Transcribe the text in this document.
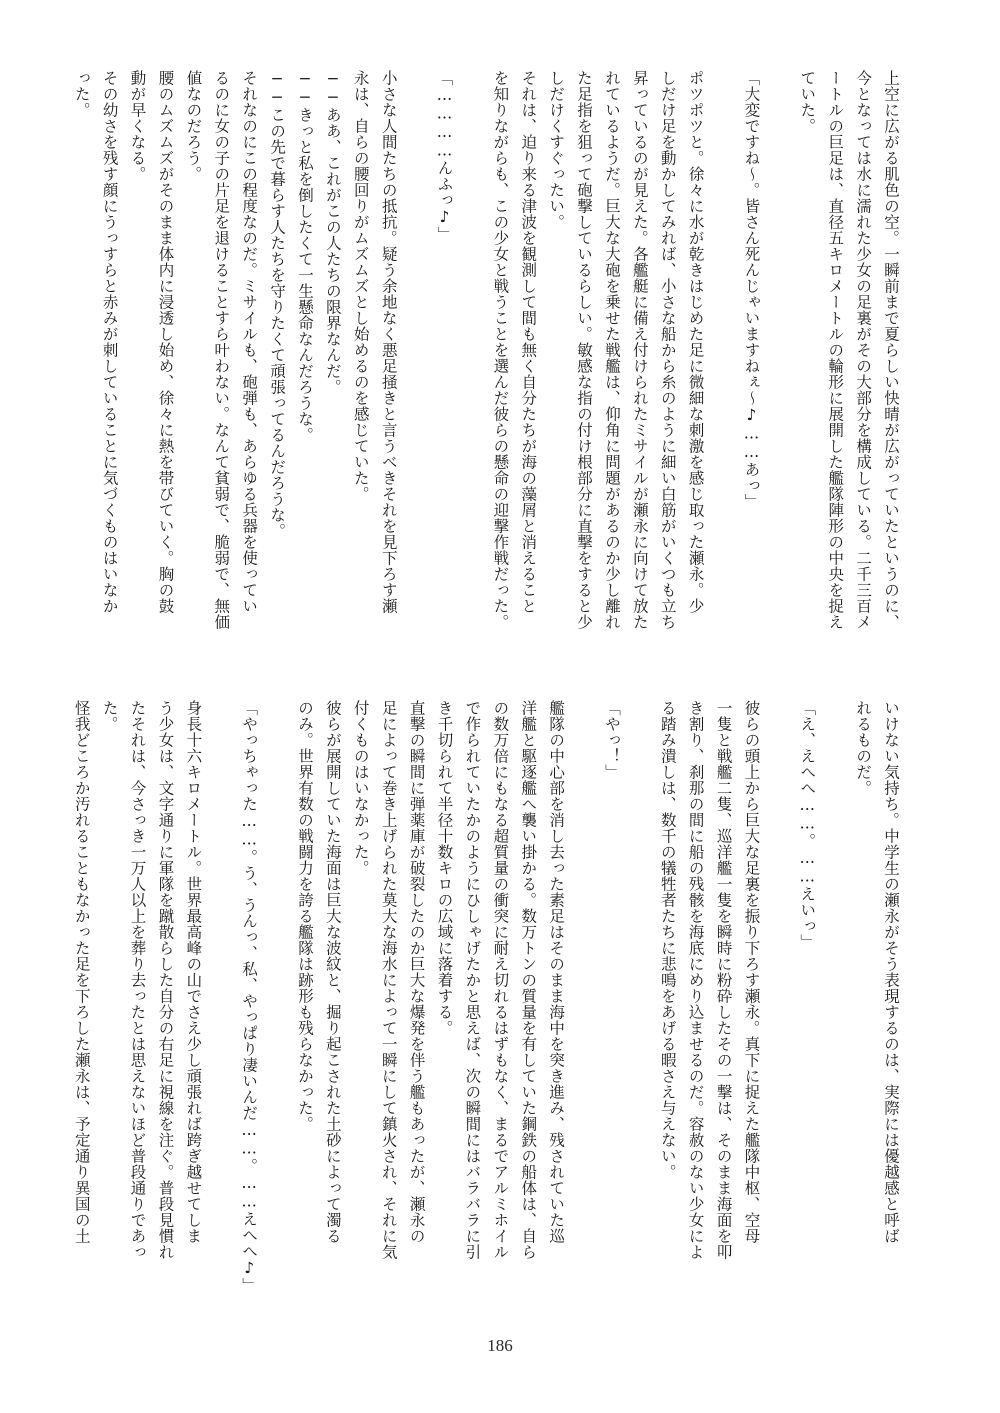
上空に広がる肌色の空。一瞬前まで夏らしい快晴が広がっていたというのに、
今となっては水に濡れた少女の足裏がその大部分を構成している。二千三百メ
ートルの巨足は、直径五キロメートルの輪形に展開した艦隊陣形の中央を捉え
ていた。

「大変ですね～。皆さん死んじゃいますねぇ～♪……あっ」

ポツポツと。徐々に水が乾きはじめた足に微細な刺激を感じ取った瀬永。少
しだけ足を動かしてみれば、小さな船から糸のように細い白筋がいくつも立ち
昇っているのが見えた。各艦艇に備え付けられたミサイルが瀬永に向けて放た
れているようだ。巨大な大砲を乗せた戦艦は、仰角に問題があるのか少し離れ
た足指を狙って砲撃しているらしい。敏感な指の付け根部分に直撃をすると少
しだけくすぐったい。
それは、迫り来る津波を観測して間も無く自分たちが海の藻屑と消えること
を知りながらも、この少女と戦うことを選んだ彼らの懸命の迎撃作戦だった。

「…………んふっ♪」

小さな人間たちの抵抗。疑う余地なく悪足掻きと言うべきそれを見下ろす瀬
永は、自らの腰回りがムズムズとし始めるのを感じていた。
──ああ、これがこの人たちの限界なんだ。
──きっと私を倒したくて一生懸命なんだろうな。
──この先で暮らす人たちを守りたくて頑張ってるんだろうな。
それなのにこの程度なのだ。ミサイルも、砲弾も、あらゆる兵器を使ってい
るのに女の子の片足を退けることすら叶わない。なんて貧弱で、脆弱で、無価
値なのだろう。
腰のムズムズがそのまま体内に浸透し始め、徐々に熱を帯びていく。胸の鼓
動が早くなる。
その幼さを残す顔にうっすらと赤みが刺していることに気づくものはいなか
った。
いけない気持ち。中学生の瀬永がそう表現するのは、実際には優越感と呼ば
れるものだ。

「え、えへへ……。……えいっ」

彼らの頭上から巨大な足裏を振り下ろす瀬永。真下に捉えた艦隊中枢、空母
一隻と戦艦二隻、巡洋艦一隻を瞬時に粉砕したその一撃は、そのまま海面を叩
き割り、刹那の間に船の残骸を海底にめり込ませるのだ。容赦のない少女によ
る踏み潰しは、数千の犠牲者たちに悲鳴をあげる暇さえ与えない。

「やっ！」

艦隊の中心部を消し去った素足はそのまま海中を突き進み、残されていた巡
洋艦と駆逐艦へ襲い掛かる。数万トンの質量を有していた鋼鉄の船体は、自ら
の数万倍にもなる超質量の衝突に耐え切れるはずもなく、まるでアルミホイル
で作られていたかのようにひしゃげたかと思えば、次の瞬間にはバラバラに引
き千切られて半径十数キロの広域に落着する。
直撃の瞬間に弾薬庫が破裂したのか巨大な爆発を伴う艦もあったが、瀬永の
足によって巻き上げられた莫大な海水によって一瞬にして鎮火され、それに気
付くものはいなかった。
彼らが展開していた海面は巨大な波紋と、掘り起こされた土砂によって濁る
のみ。世界有数の戦闘力を誇る艦隊は跡形も残らなかった。

「やっちゃった……。う、うんっ、私、やっぱり凄いんだ……。……えへへ♪」

身長十六キロメートル。世界最高峰の山でさえ少し頑張れば跨ぎ越せてしま
う少女は、文字通りに軍隊を蹴散らした自分の右足に視線を注ぐ。普段見慣れ
たそれは、今さっき一万人以上を葬り去ったとは思えないほど普段通りであっ
た。
怪我どころか汚れることもなかった足を下ろした瀬永は、予定通り異国の土
186
